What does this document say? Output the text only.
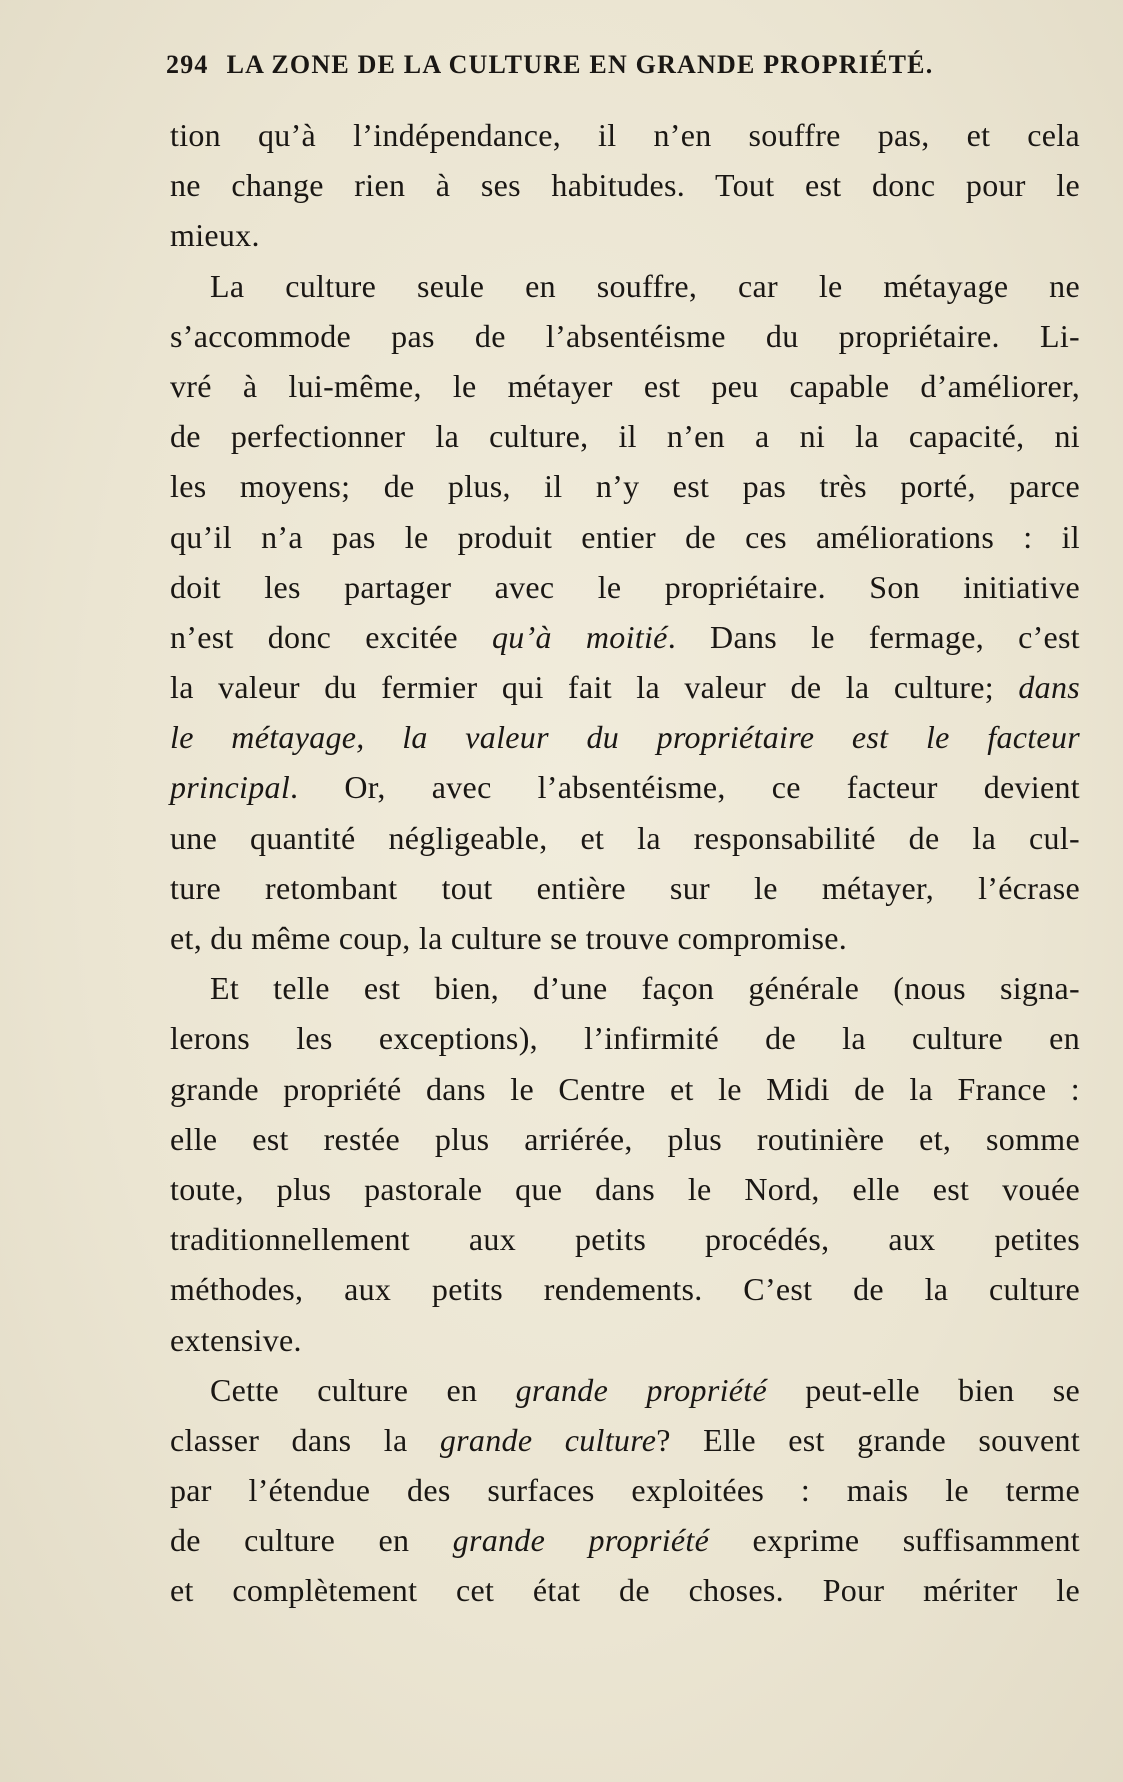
294 LA ZONE DE LA CULTURE EN GRANDE PROPRIÉTÉ.
tion qu’à l’indépendance, il n’en souffre pas, et cela
ne change rien à ses habitudes. Tout est donc pour le
mieux.
La culture seule en souffre, car le métayage ne
s’accommode pas de l’absentéisme du propriétaire. Li-
vré à lui-même, le métayer est peu capable d’améliorer,
de perfectionner la culture, il n’en a ni la capacité, ni
les moyens; de plus, il n’y est pas très porté, parce
qu’il n’a pas le produit entier de ces améliorations : il
doit les partager avec le propriétaire. Son initiative
n’est donc excitée qu’à moitié. Dans le fermage, c’est
la valeur du fermier qui fait la valeur de la culture; dans
le métayage, la valeur du propriétaire est le facteur
principal. Or, avec l’absentéisme, ce facteur devient
une quantité négligeable, et la responsabilité de la cul-
ture retombant tout entière sur le métayer, l’écrase
et, du même coup, la culture se trouve compromise.
Et telle est bien, d’une façon générale (nous signa-
lerons les exceptions), l’infirmité de la culture en
grande propriété dans le Centre et le Midi de la France :
elle est restée plus arriérée, plus routinière et, somme
toute, plus pastorale que dans le Nord, elle est vouée
traditionnellement aux petits procédés, aux petites
méthodes, aux petits rendements. C’est de la culture
extensive.
Cette culture en grande propriété peut-elle bien se
classer dans la grande culture? Elle est grande souvent
par l’étendue des surfaces exploitées : mais le terme
de culture en grande propriété exprime suffisamment
et complètement cet état de choses. Pour mériter le
